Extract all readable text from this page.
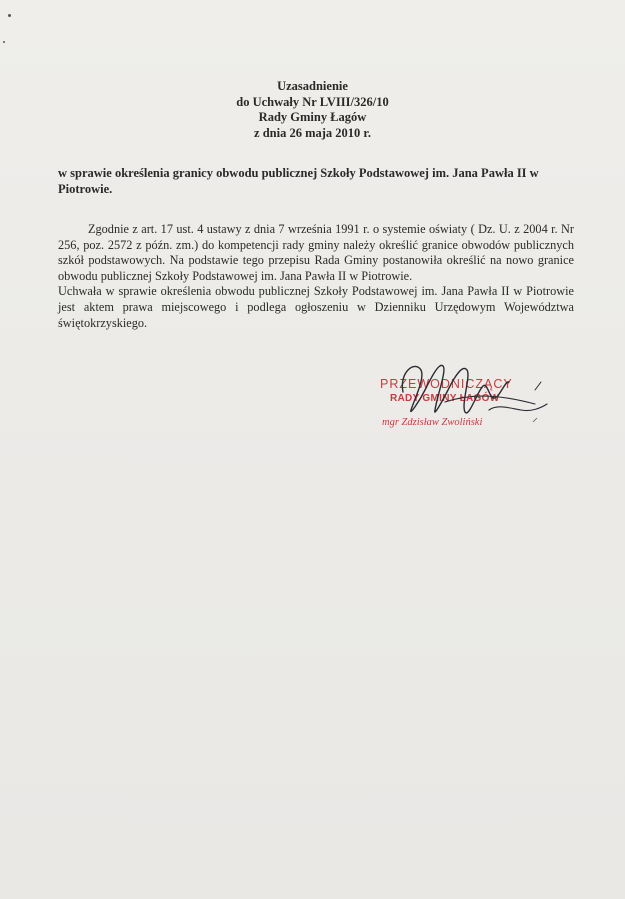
Uzasadnienie
do Uchwały Nr LVIII/326/10
Rady Gminy Łagów
z dnia 26 maja 2010 r.
w sprawie określenia granicy obwodu publicznej Szkoły Podstawowej im. Jana Pawła II w Piotrowie.

Zgodnie z art. 17 ust. 4 ustawy z dnia 7 września 1991 r. o systemie oświaty ( Dz. U. z 2004 r. Nr 256, poz. 2572 z późn. zm.) do kompetencji rady gminy należy określić granice obwodów publicznych szkół podstawowych. Na podstawie tego przepisu Rada Gminy postanowiła określić na nowo granice obwodu publicznej Szkoły Podstawowej im. Jana Pawła II w Piotrowie.

Uchwała w sprawie określenia obwodu publicznej Szkoły Podstawowej im. Jana Pawła II w Piotrowie jest aktem prawa miejscowego i podlega ogłoszeniu w Dzienniku Urzędowym Województwa świętokrzyskiego.

PRZEWODNICZĄCY
RADY GMINY ŁAGÓW
mgr Zdzisław Zwoliński
